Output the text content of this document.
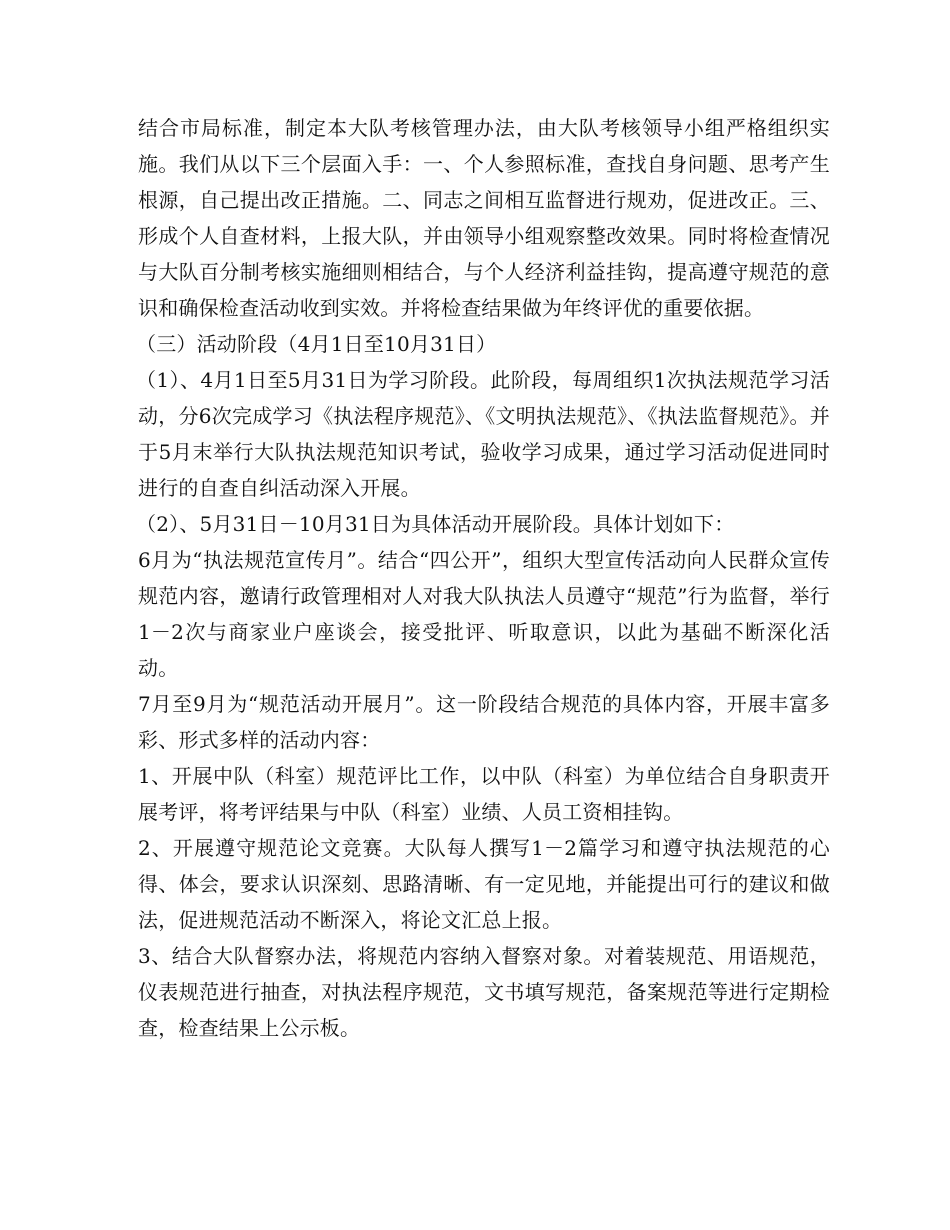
结合市局标准，制定本大队考核管理办法，由大队考核领导小组严格组织实施。我们从以下三个层面入手：一、个人参照标准，查找自身问题、思考产生根源，自己提出改正措施。二、同志之间相互监督进行规劝，促进改正。三、形成个人自查材料，上报大队，并由领导小组观察整改效果。同时将检查情况与大队百分制考核实施细则相结合，与个人经济利益挂钩，提高遵守规范的意识和确保检查活动收到实效。并将检查结果做为年终评优的重要依据。

（三）活动阶段（4月1日至10月31日）

（1）、4月1日至5月31日为学习阶段。此阶段，每周组织1次执法规范学习活动，分6次完成学习《执法程序规范》、《文明执法规范》、《执法监督规范》。并于5月末举行大队执法规范知识考试，验收学习成果，通过学习活动促进同时进行的自查自纠活动深入开展。

（2）、5月31日－10月31日为具体活动开展阶段。具体计划如下：

6月为“执法规范宣传月”。结合“四公开”，组织大型宣传活动向人民群众宣传规范内容，邀请行政管理相对人对我大队执法人员遵守“规范”行为监督，举行1－2次与商家业户座谈会，接受批评、听取意识，以此为基础不断深化活动。

7月至9月为“规范活动开展月”。这一阶段结合规范的具体内容，开展丰富多彩、形式多样的活动内容：

1、开展中队（科室）规范评比工作，以中队（科室）为单位结合自身职责开展考评，将考评结果与中队（科室）业绩、人员工资相挂钩。

2、开展遵守规范论文竞赛。大队每人撰写1－2篇学习和遵守执法规范的心得、体会，要求认识深刻、思路清晰、有一定见地，并能提出可行的建议和做法，促进规范活动不断深入，将论文汇总上报。

3、结合大队督察办法，将规范内容纳入督察对象。对着装规范、用语规范，仪表规范进行抽查，对执法程序规范，文书填写规范，备案规范等进行定期检查，检查结果上公示板。
